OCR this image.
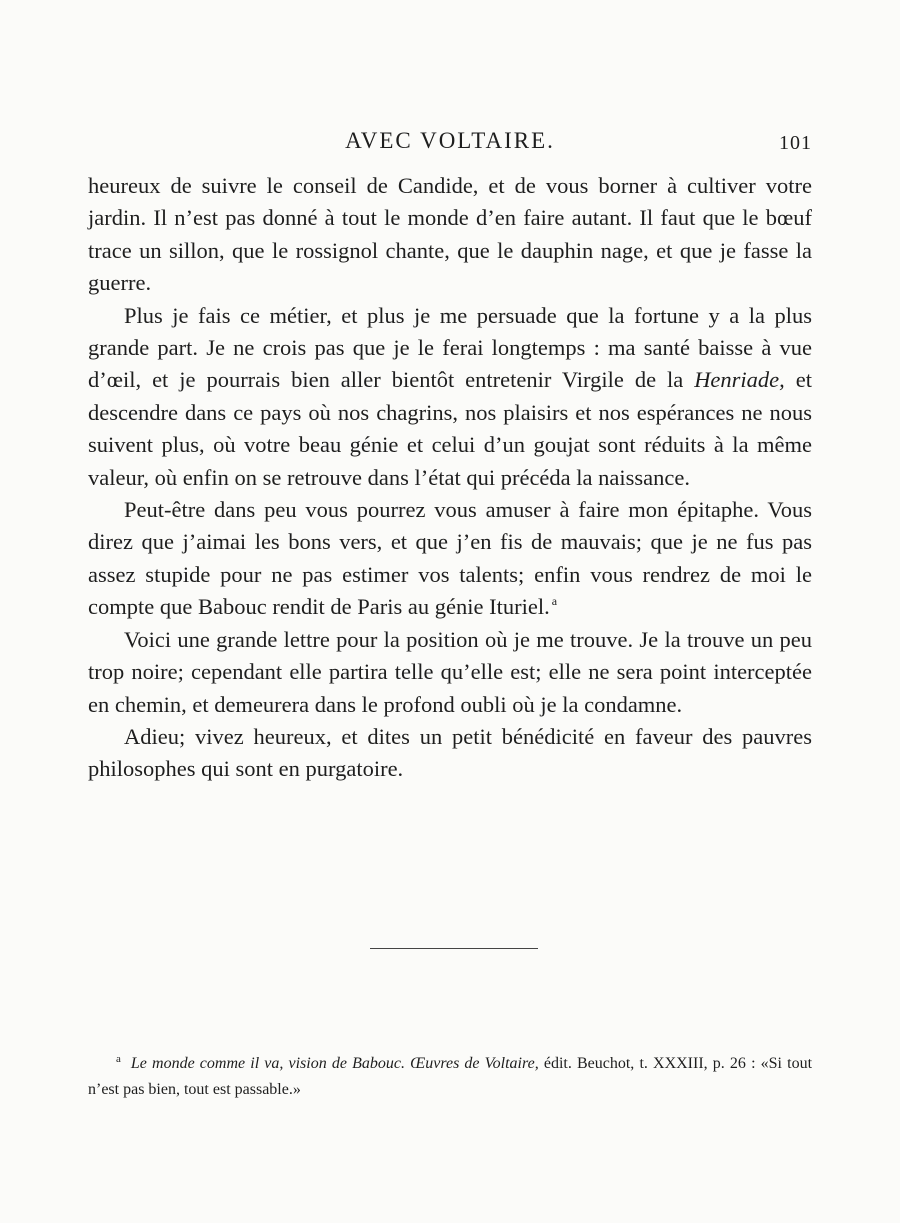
AVEC VOLTAIRE.	101

heureux de suivre le conseil de Candide, et de vous borner à cultiver votre jardin. Il n’est pas donné à tout le monde d’en faire autant. Il faut que le bœuf trace un sillon, que le rossignol chante, que le dauphin nage, et que je fasse la guerre.

Plus je fais ce métier, et plus je me persuade que la fortune y a la plus grande part. Je ne crois pas que je le ferai longtemps : ma santé baisse à vue d’œil, et je pourrais bien aller bientôt entretenir Virgile de la Henriade, et descendre dans ce pays où nos chagrins, nos plaisirs et nos espérances ne nous suivent plus, où votre beau génie et celui d’un goujat sont réduits à la même valeur, où enfin on se retrouve dans l’état qui précéda la naissance.

Peut-être dans peu vous pourrez vous amuser à faire mon épitaphe. Vous direz que j’aimai les bons vers, et que j’en fis de mauvais; que je ne fus pas assez stupide pour ne pas estimer vos talents; enfin vous rendrez de moi le compte que Babouc rendit de Paris au génie Ituriel. $^a$

Voici une grande lettre pour la position où je me trouve. Je la trouve un peu trop noire; cependant elle partira telle qu’elle est; elle ne sera point interceptée en chemin, et demeurera dans le profond oubli où je la condamne.

Adieu; vivez heureux, et dites un petit bénédicité en faveur des pauvres philosophes qui sont en purgatoire.

$^a$ Le monde comme il va, vision de Babouc. Œuvres de Voltaire, édit. Beuchot, t. XXXIII, p. 26 : «Si tout n’est pas bien, tout est passable.»
